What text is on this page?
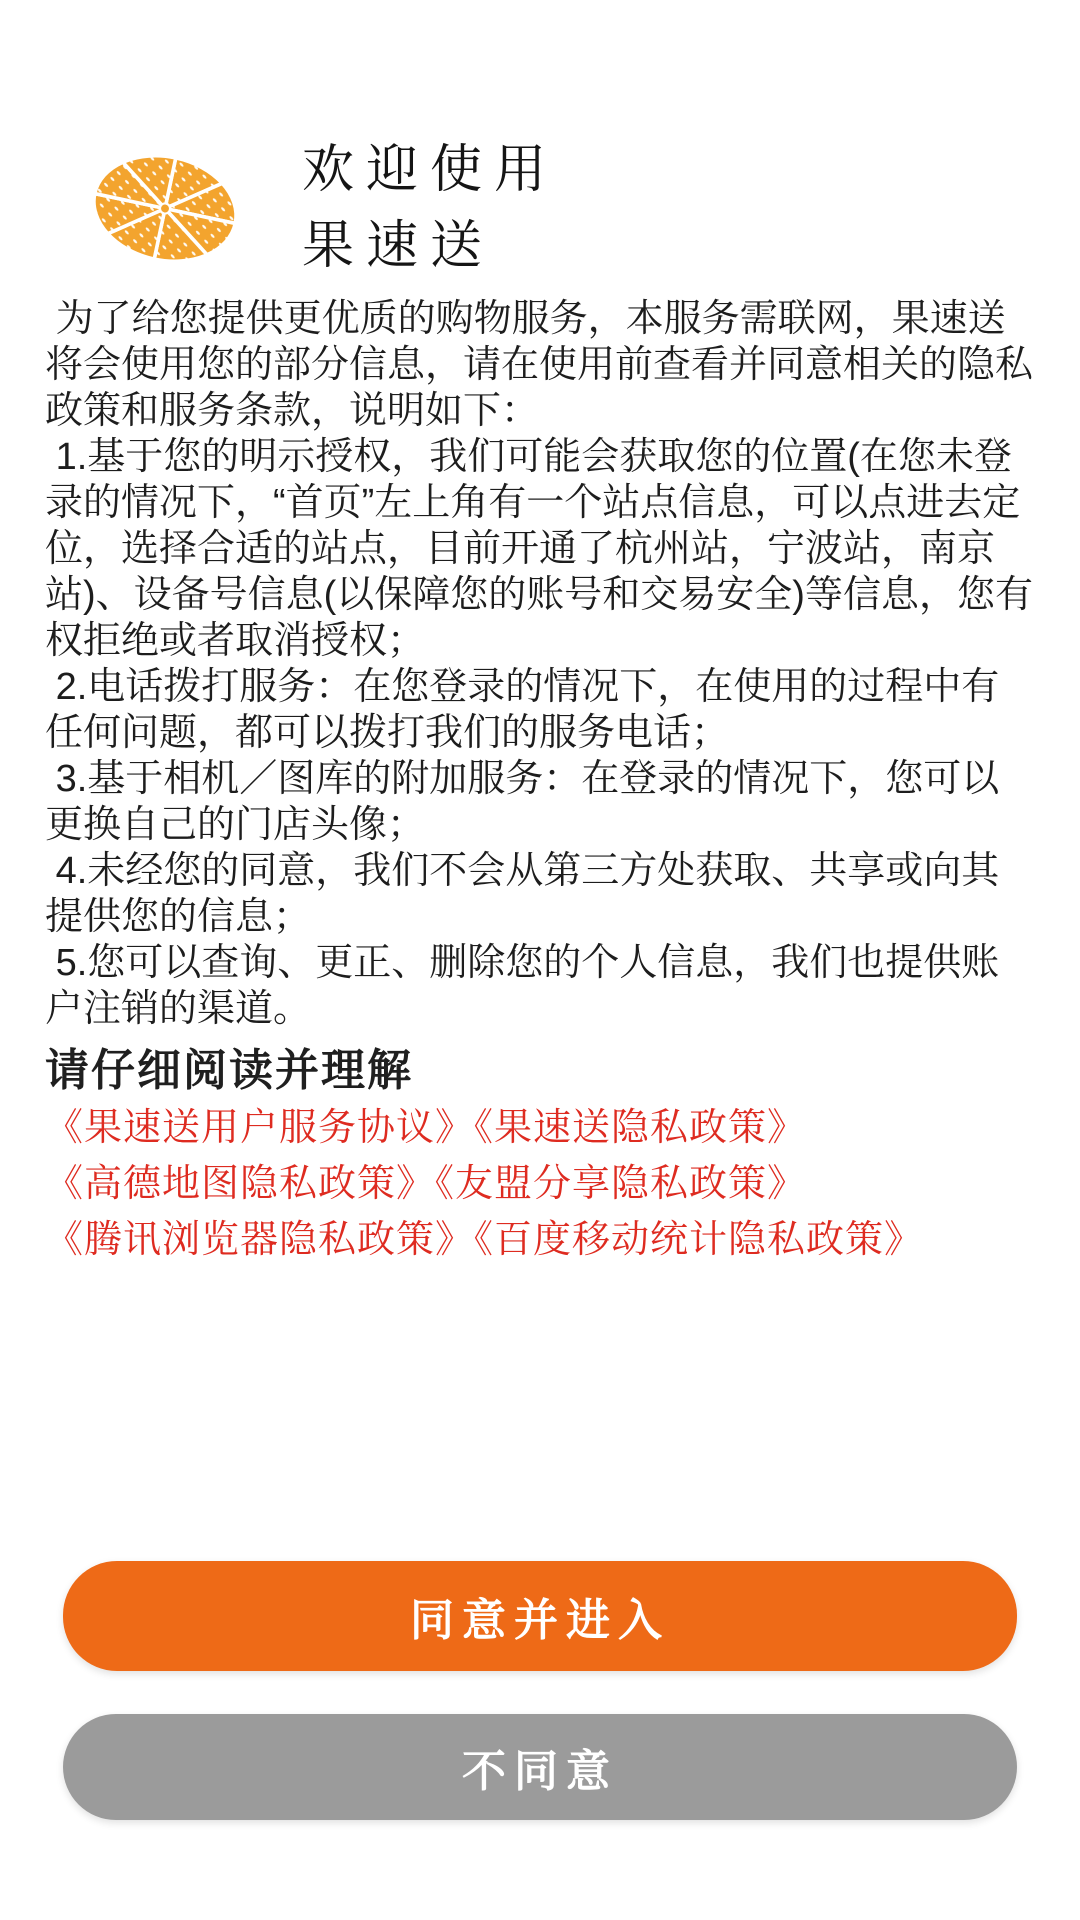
欢迎使用
果速送

为了给您提供更优质的购物服务，本服务需联网，果速送将会使用您的部分信息，请在使用前查看并同意相关的隐私政策和服务条款，说明如下：

1.基于您的明示授权，我们可能会获取您的位置(在您未登录的情况下，“首页”左上角有一个站点信息，可以点进去定位，选择合适的站点，目前开通了杭州站，宁波站，南京站)、设备号信息(以保障您的账号和交易安全)等信息，您有权拒绝或者取消授权；

2.电话拨打服务：在您登录的情况下，在使用的过程中有任何问题，都可以拨打我们的服务电话；

3.基于相机／图库的附加服务：在登录的情况下，您可以更换自己的门店头像；

4.未经您的同意，我们不会从第三方处获取、共享或向其提供您的信息；

5.您可以查询、更正、删除您的个人信息，我们也提供账户注销的渠道。

请仔细阅读并理解
《果速送用户服务协议》《果速送隐私政策》
《高德地图隐私政策》《友盟分享隐私政策》
《腾讯浏览器隐私政策》《百度移动统计隐私政策》
同意并进入
不同意
